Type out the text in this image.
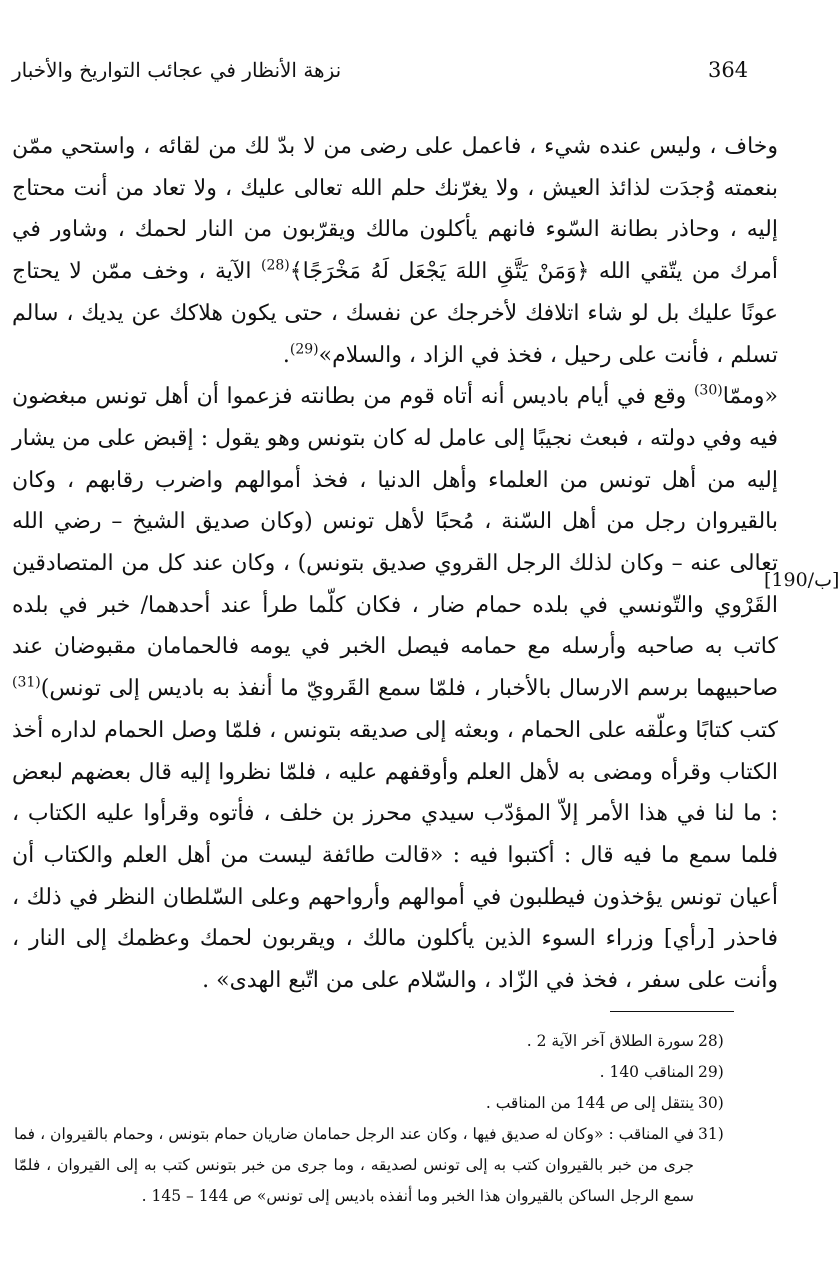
364
نزهة الأنظار في عجائب التواريخ والأخبار

وخاف ، وليس عنده شيء ، فاعمل على رضى من لا بدّ لك من لقائه ، واستحي ممّن بنعمته وُجدَت لذائذ العيش ، ولا يغرّنك حلم الله تعالى عليك ، ولا تعاد من أنت محتاج إليه ، وحاذر بطانة السّوء فانهم يأكلون مالك ويقرّبون من النار لحمك ، وشاور في أمرك من يتّقي الله ﴿وَمَنْ يَتَّقِ اللهَ يَجْعَل لَهُ مَخْرَجًا﴾$^{(28)}$ الآية ، وخف ممّن لا يحتاج عونًا عليك بل لو شاء اتلافك لأخرجك عن نفسك ، حتى يكون هلاكك عن يديك ، سالم تسلم ، فأنت على رحيل ، فخذ في الزاد ، والسلام»$^{(29)}$.

«وممّا$^{(30)}$ وقع في أيام باديس أنه أتاه قوم من بطانته فزعموا أن أهل تونس مبغضون فيه وفي دولته ، فبعث نجيبًا إلى عامل له كان بتونس وهو يقول : إقبض على من يشار إليه من أهل تونس من العلماء وأهل الدنيا ، فخذ أموالهم واضرب رقابهم ، وكان بالقيروان رجل من أهل السّنة ، مُحبًا لأهل تونس (وكان صديق الشيخ – رضي الله تعالى عنه – وكان لذلك الرجل القروي صديق بتونس) ، وكان عند كل من المتصادقين القَرْوي والتّونسي في بلده حمام ضار ، فكان كلّما طرأ عند أحدهما/ خبر في بلده كاتب به صاحبه وأرسله مع حمامه فيصل الخبر في يومه فالحمامان مقبوضان عند صاحبيهما برسم الارسال بالأخبار ، فلمّا سمع القَرويّ ما أنفذ به باديس إلى تونس)$^{(31)}$ كتب كتابًا وعلّقه على الحمام ، وبعثه إلى صديقه بتونس ، فلمّا وصل الحمام لداره أخذ الكتاب وقرأه ومضى به لأهل العلم وأوقفهم عليه ، فلمّا نظروا إليه قال بعضهم لبعض : ما لنا في هذا الأمر إلاّ المؤدّب سيدي محرز بن خلف ، فأتوه وقرأوا عليه الكتاب ، فلما سمع ما فيه قال : أكتبوا فيه : «قالت طائفة ليست من أهل العلم والكتاب أن أعيان تونس يؤخذون فيطلبون في أموالهم وأرواحهم وعلى السّلطان النظر في ذلك ، فاحذر [رأي] وزراء السوء الذين يأكلون مالك ، ويقربون لحمك وعظمك إلى النار ، وأنت على سفر ، فخذ في الزّاد ، والسّلام على من اتّبع الهدى» .

[190/ب]

28)
سورة الطلاق آخر الآية 2 .

29)
المناقب 140 .

30)
ينتقل إلى ص 144 من المناقب .

31)
في المناقب : «وكان له صديق فيها ، وكان عند الرجل حمامان ضاريان حمام بتونس ، وحمام بالقيروان ، فما جرى من خبر بالقيروان كتب به إلى تونس لصديقه ، وما جرى من خبر بتونس كتب به إلى القيروان ، فلمّا سمع الرجل الساكن بالقيروان هذا الخبر وما أنفذه باديس إلى تونس» ص 144 – 145 .
